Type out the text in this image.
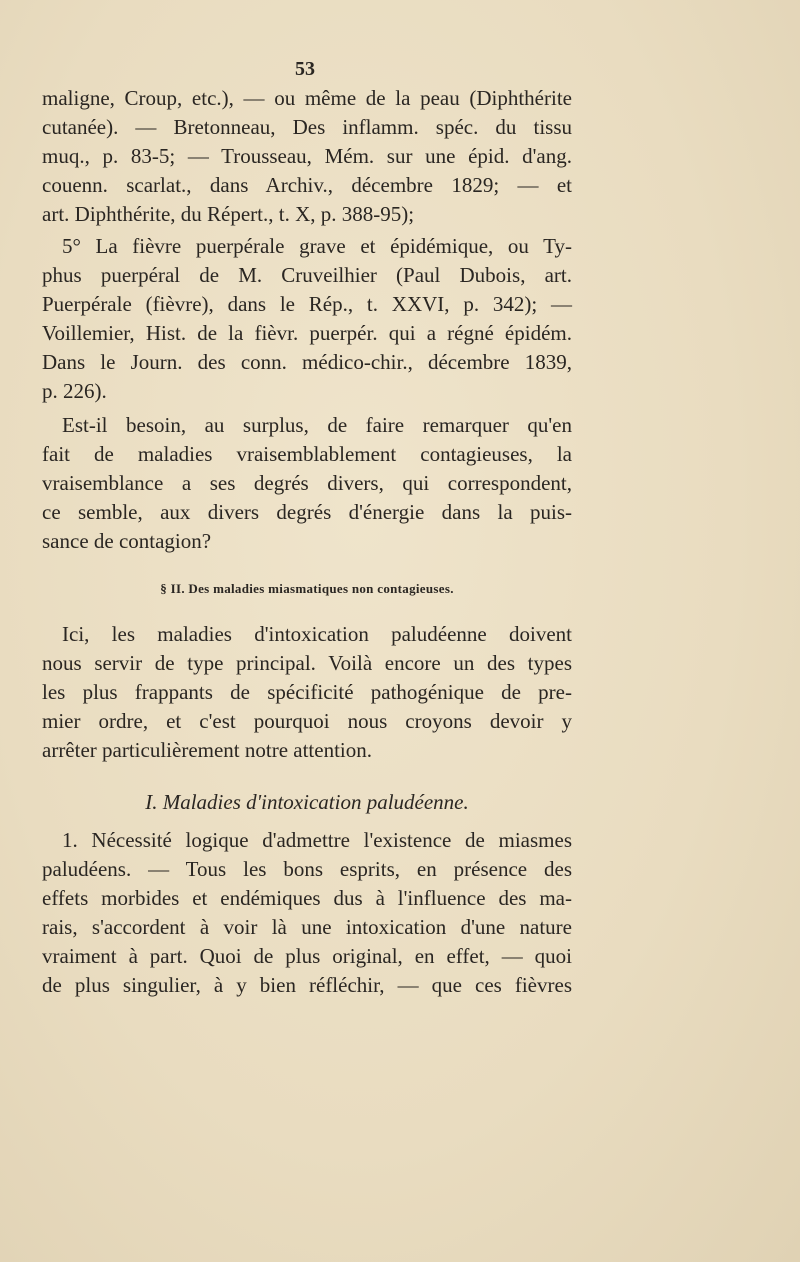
53
maligne, Croup, etc.), — ou même de la peau (Diphthérite
cutanée). — Bretonneau, Des inflamm. spéc. du tissu
muq., p. 83-5; — Trousseau, Mém. sur une épid. d'ang.
couenn. scarlat., dans Archiv., décembre 1829; — et
art. Diphthérite, du Répert., t. X, p. 388-95);
5° La fièvre puerpérale grave et épidémique, ou Ty-
phus puerpéral de M. Cruveilhier (Paul Dubois, art.
Puerpérale (fièvre), dans le Rép., t. XXVI, p. 342); —
Voillemier, Hist. de la fièvr. puerpér. qui a régné épidém.
Dans le Journ. des conn. médico-chir., décembre 1839,
p. 226).
Est-il besoin, au surplus, de faire remarquer qu'en
fait de maladies vraisemblablement contagieuses, la
vraisemblance a ses degrés divers, qui correspondent,
ce semble, aux divers degrés d'énergie dans la puis-
sance de contagion?
§ II. Des maladies miasmatiques non contagieuses.
Ici, les maladies d'intoxication paludéenne doivent
nous servir de type principal. Voilà encore un des types
les plus frappants de spécificité pathogénique de pre-
mier ordre, et c'est pourquoi nous croyons devoir y
arrêter particulièrement notre attention.
I. Maladies d'intoxication paludéenne.
1. Nécessité logique d'admettre l'existence de miasmes
paludéens. — Tous les bons esprits, en présence des
effets morbides et endémiques dus à l'influence des ma-
rais, s'accordent à voir là une intoxication d'une nature
vraiment à part. Quoi de plus original, en effet, — quoi
de plus singulier, à y bien réfléchir, — que ces fièvres
